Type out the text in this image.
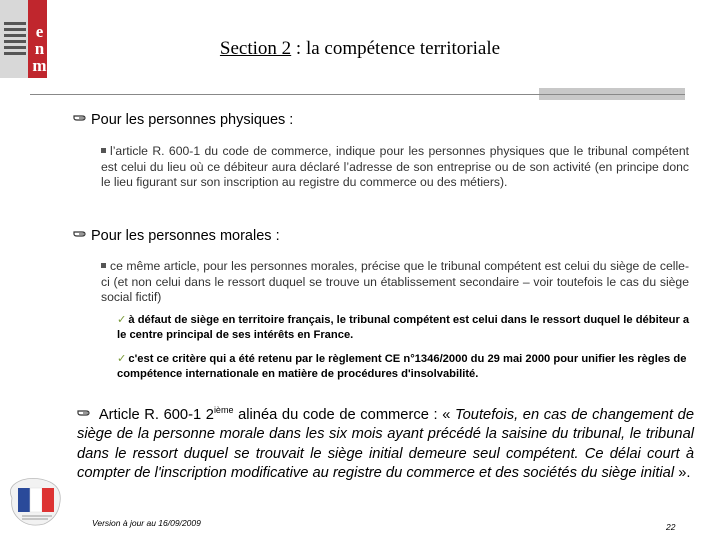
enm	Section 2 : la compétence territoriale
Pour les personnes physiques :
l’article R. 600-1 du code de commerce, indique pour les personnes physiques que le tribunal compétent est celui du lieu où ce débiteur aura déclaré l’adresse de son entreprise ou de son activité (en principe donc le lieu figurant sur son inscription au registre du commerce ou des métiers).
Pour les personnes morales :
ce même article, pour les personnes morales, précise que le tribunal compétent est celui du siège de celle-ci (et non celui dans le ressort duquel se trouve un établissement secondaire – voir toutefois le cas du siège social fictif)
✓ à défaut de siège en territoire français, le tribunal compétent est celui dans le ressort duquel le débiteur a le centre principal de ses intérêts en France.
✓ c'est ce critère qui a été retenu par le règlement CE n°1346/2000 du 29 mai 2000 pour unifier les règles de compétence internationale en matière de procédures d'insolvabilité.
Article R. 600-1 2ième alinéa du code de commerce : « Toutefois, en cas de changement de siège de la personne morale dans les six mois ayant précédé la saisine du tribunal, le tribunal dans le ressort duquel se trouvait le siège initial demeure seul compétent. Ce délai court à compter de l'inscription modificative au registre du commerce et des sociétés du siège initial ».
Version à jour au 16/09/2009	22
